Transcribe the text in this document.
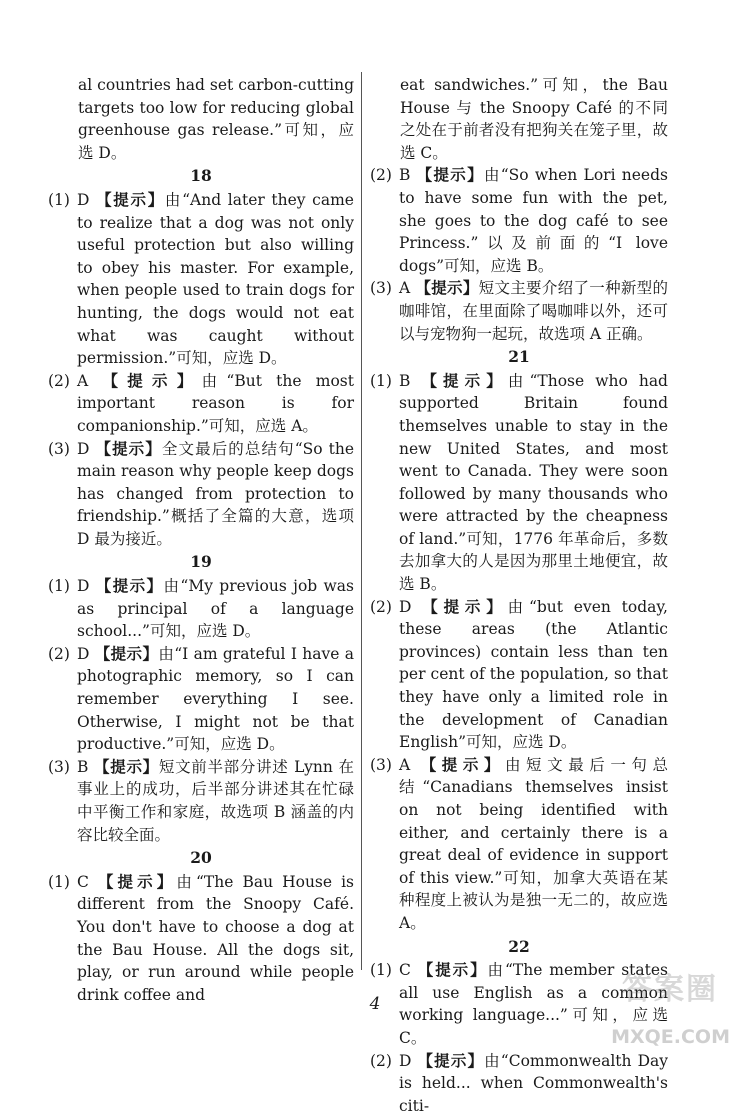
al countries had set carbon-cutting targets too low for reducing global greenhouse gas release.”可知，应选 D。
18
(1) D 【提示】由“And later they came to realize that a dog was not only useful protection but also willing to obey his master. For example, when people used to train dogs for hunting, the dogs would not eat what was caught without permission.”可知，应选 D。
(2) A 【提示】由“But the most important reason is for companionship.”可知，应选 A。
(3) D 【提示】全文最后的总结句“So the main reason why people keep dogs has changed from protection to friendship.”概括了全篇的大意，选项 D 最为接近。
19
(1) D 【提示】由“My previous job was as principal of a language school...”可知，应选 D。
(2) D 【提示】由“I am grateful I have a photographic memory, so I can remember everything I see. Otherwise, I might not be that productive.”可知，应选 D。
(3) B 【提示】短文前半部分讲述 Lynn 在事业上的成功，后半部分讲述其在忙碌中平衡工作和家庭，故选项 B 涵盖的内容比较全面。
20
(1) C 【提示】由“The Bau House is different from the Snoopy Café. You don't have to choose a dog at the Bau House. All the dogs sit, play, or run around while people drink coffee and
eat sandwiches.”可知，the Bau House 与 the Snoopy Café 的不同之处在于前者没有把狗关在笼子里，故选 C。
(2) B 【提示】由“So when Lori needs to have some fun with the pet, she goes to the dog café to see Princess.”以及前面的“I love dogs”可知，应选 B。
(3) A 【提示】短文主要介绍了一种新型的咖啡馆，在里面除了喝咖啡以外，还可以与宠物狗一起玩，故选项 A 正确。
21
(1) B 【提示】由“Those who had supported Britain found themselves unable to stay in the new United States, and most went to Canada. They were soon followed by many thousands who were attracted by the cheapness of land.”可知，1776 年革命后，多数去加拿大的人是因为那里土地便宜，故选 B。
(2) D 【提示】由“but even today, these areas (the Atlantic provinces) contain less than ten per cent of the population, so that they have only a limited role in the development of Canadian English”可知，应选 D。
(3) A 【提示】由短文最后一句总结“Canadians themselves insist on not being identified with either, and certainly there is a great deal of evidence in support of this view.”可知，加拿大英语在某种程度上被认为是独一无二的，故应选 A。
22
(1) C 【提示】由“The member states all use English as a common working language...”可知，应选 C。
(2) D 【提示】由“Commonwealth Day is held... when Commonwealth's citi-
4	答案圈
MXQE.COM
